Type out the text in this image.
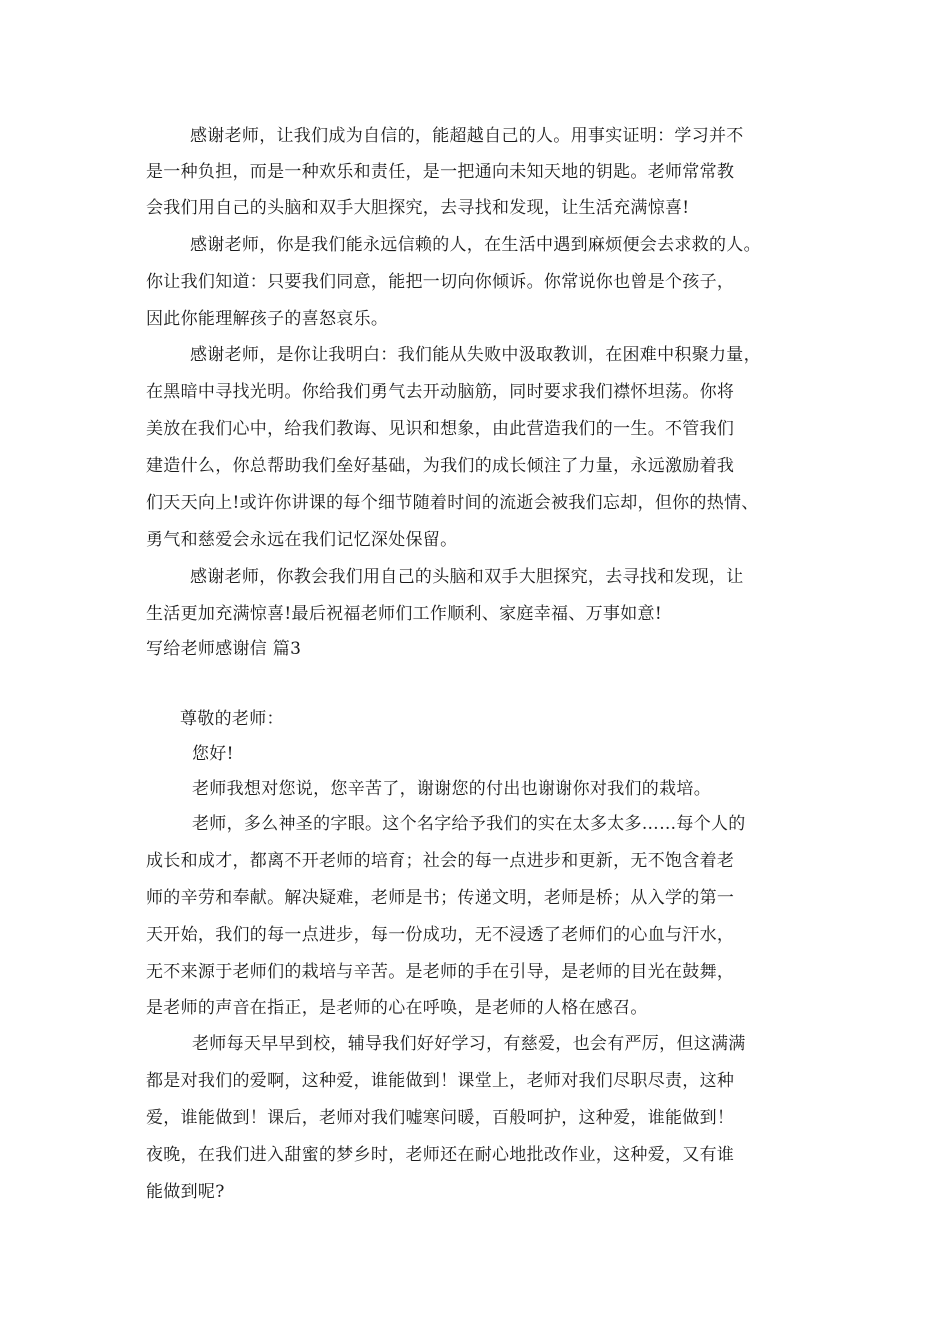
感谢老师，让我们成为自信的，能超越自己的人。用事实证明：学习并不
是一种负担，而是一种欢乐和责任，是一把通向未知天地的钥匙。老师常常教
会我们用自己的头脑和双手大胆探究，去寻找和发现，让生活充满惊喜!
感谢老师，你是我们能永远信赖的人，在生活中遇到麻烦便会去求救的人。
你让我们知道：只要我们同意，能把一切向你倾诉。你常说你也曾是个孩子，
因此你能理解孩子的喜怒哀乐。
感谢老师，是你让我明白：我们能从失败中汲取教训，在困难中积聚力量，
在黑暗中寻找光明。你给我们勇气去开动脑筋，同时要求我们襟怀坦荡。你将
美放在我们心中，给我们教诲、见识和想象，由此营造我们的一生。不管我们
建造什么，你总帮助我们垒好基础，为我们的成长倾注了力量，永远激励着我
们天天向上!或许你讲课的每个细节随着时间的流逝会被我们忘却，但你的热情、
勇气和慈爱会永远在我们记忆深处保留。
感谢老师，你教会我们用自己的头脑和双手大胆探究，去寻找和发现，让
生活更加充满惊喜!最后祝福老师们工作顺利、家庭幸福、万事如意!
写给老师感谢信 篇3
尊敬的老师：
您好!
老师我想对您说，您辛苦了，谢谢您的付出也谢谢你对我们的栽培。
老师，多么神圣的字眼。这个名字给予我们的实在太多太多……每个人的
成长和成才，都离不开老师的培育；社会的每一点进步和更新，无不饱含着老
师的辛劳和奉献。解决疑难，老师是书；传递文明，老师是桥；从入学的第一
天开始，我们的每一点进步，每一份成功，无不浸透了老师们的心血与汗水，
无不来源于老师们的栽培与辛苦。是老师的手在引导，是老师的目光在鼓舞，
是老师的声音在指正，是老师的心在呼唤，是老师的人格在感召。
老师每天早早到校，辅导我们好好学习，有慈爱，也会有严厉，但这满满
都是对我们的爱啊，这种爱，谁能做到！课堂上，老师对我们尽职尽责，这种
爱，谁能做到！课后，老师对我们嘘寒问暖，百般呵护，这种爱，谁能做到！
夜晚，在我们进入甜蜜的梦乡时，老师还在耐心地批改作业，这种爱，又有谁
能做到呢?
